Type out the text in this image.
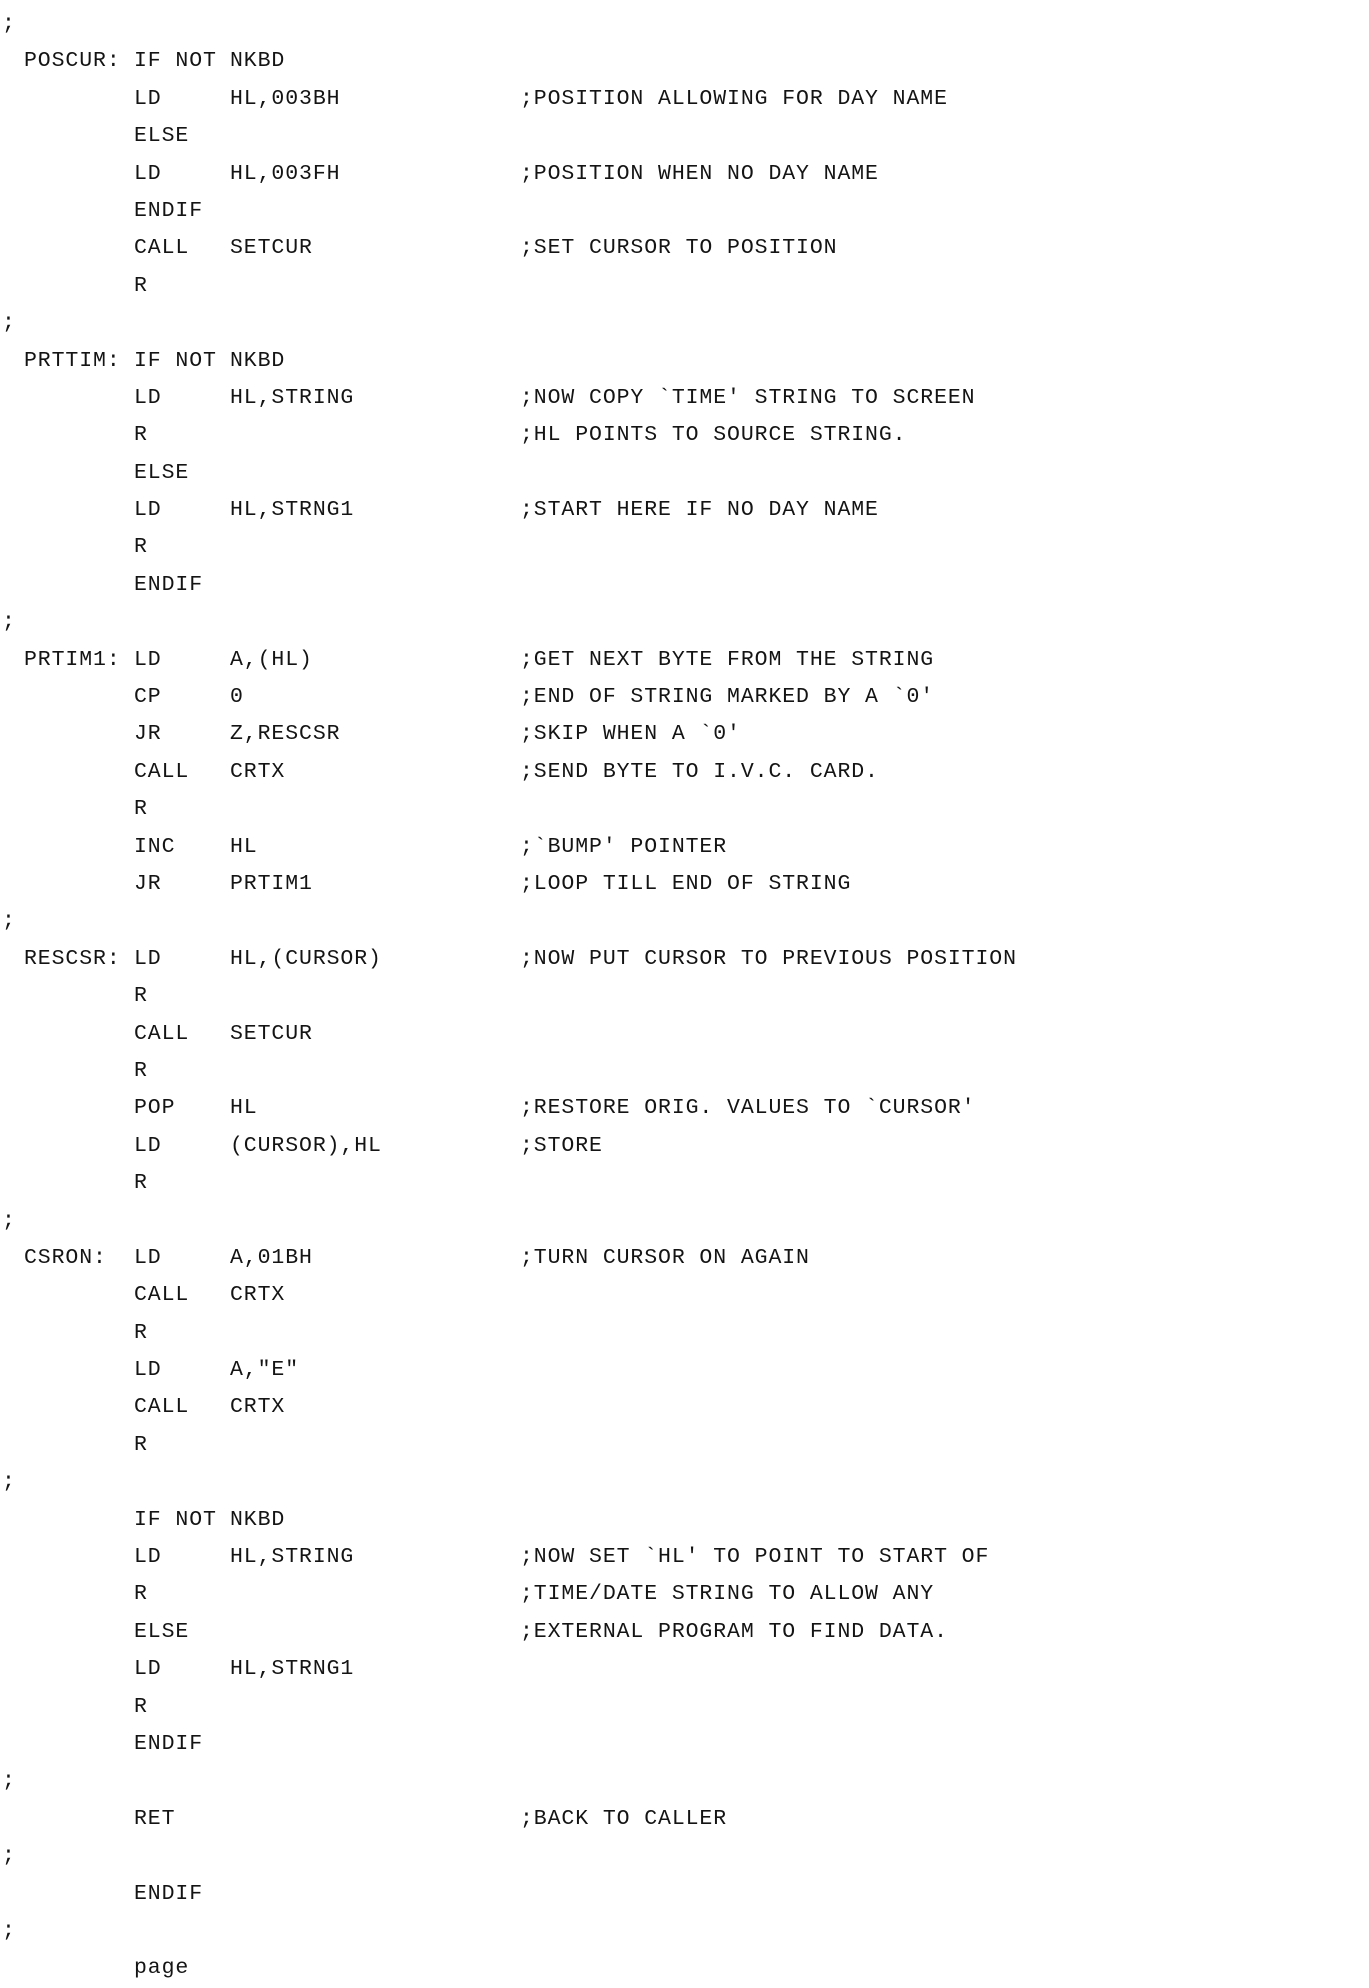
;
POSCUR: IF NOT NKBD
LD	HL,003BH	;POSITION ALLOWING FOR DAY NAME
ELSE
LD	HL,003FH	;POSITION WHEN NO DAY NAME
ENDIF
CALL	SETCUR	;SET CURSOR TO POSITION
R
;
PRTTIM: IF NOT NKBD
LD	HL,STRING	;NOW COPY `TIME' STRING TO SCREEN
R	;HL POINTS TO SOURCE STRING.
ELSE
LD	HL,STRNG1	;START HERE IF NO DAY NAME
R
ENDIF
;
PRTIM1: LD	A,(HL)	;GET NEXT BYTE FROM THE STRING
CP	0	;END OF STRING MARKED BY A `0'
JR	Z,RESCSR	;SKIP WHEN A `0'
CALL	CRTX	;SEND BYTE TO I.V.C. CARD.
R
INC	HL	;`BUMP' POINTER
JR	PRTIM1	;LOOP TILL END OF STRING
;
RESCSR: LD	HL,(CURSOR)	;NOW PUT CURSOR TO PREVIOUS POSITION
R
CALL	SETCUR
R
POP	HL	;RESTORE ORIG. VALUES TO `CURSOR'
LD	(CURSOR),HL	;STORE
R
;
CSRON:	LD	A,01BH	;TURN CURSOR ON AGAIN
CALL	CRTX
R
LD	A,"E"
CALL	CRTX
R
;
IF NOT NKBD
LD	HL,STRING	;NOW SET `HL' TO POINT TO START OF
R	;TIME/DATE STRING TO ALLOW ANY
ELSE	;EXTERNAL PROGRAM TO FIND DATA.
LD	HL,STRNG1
R
ENDIF
;
RET	;BACK TO CALLER
;
ENDIF
;
page
